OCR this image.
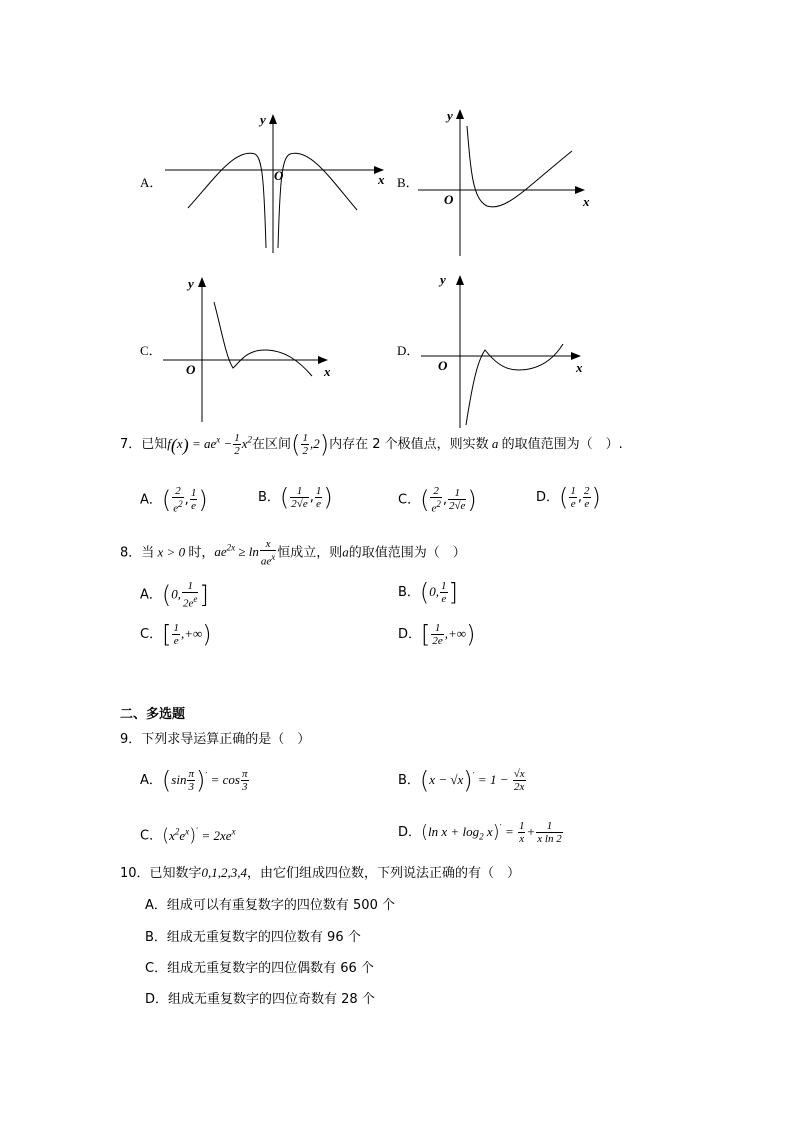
A．
y
x
O	B．
y
x
O
C．
y
x
O
D．
y
x
O
7．已知$f(x) = ae^x - \frac{1}{2} x^2$在区间( $\frac{1}{2} ,2$)内存在 2 个极值点，则实数 a 的取值范围为（　）.
A．( $\frac{2}{e^2}$ , $\frac{1}{e}$ )	B．( $\frac{1}{2√e}$ , $\frac{1}{e}$ )	C．( $\frac{2}{e^2}$ , $\frac{1}{2√e}$ )	D．( $\frac{1}{e}$ , $\frac{2}{e}$ )
8．当 x > 0 时，$ae^{2x} \ge \ln \frac{x}{ae^x}$ 恒成立，则a的取值范围为（　）
A．(0, $\frac{1}{2e^e}$ ]	B．(0, $\frac{1}{e}$ ]
C．[ $\frac{1}{e}$ ,+∞)	D．[ $\frac{1}{2e}$ ,+∞)
二、多选题
9．下列求导运算正确的是（　）
A．$(\sin \frac{\pi}{3} )' = \cos \frac{\pi}{3}$	B．$(x - √x)' = 1 - \frac{√x}{2x}$
C．$(x^2e^x)' = 2xe^x$	D．(ln $x + \log_2 x)' = \frac{1}{x} + \frac{1}{\text{x ln 2}}$
10．已知数字0,1,2,3,4，由它们组成四位数，下列说法正确的有（　）
A．组成可以有重复数字的四位数有 500 个
B．组成无重复数字的四位数有 96 个
C．组成无重复数字的四位偶数有 66 个
D．组成无重复数字的四位奇数有 28 个
